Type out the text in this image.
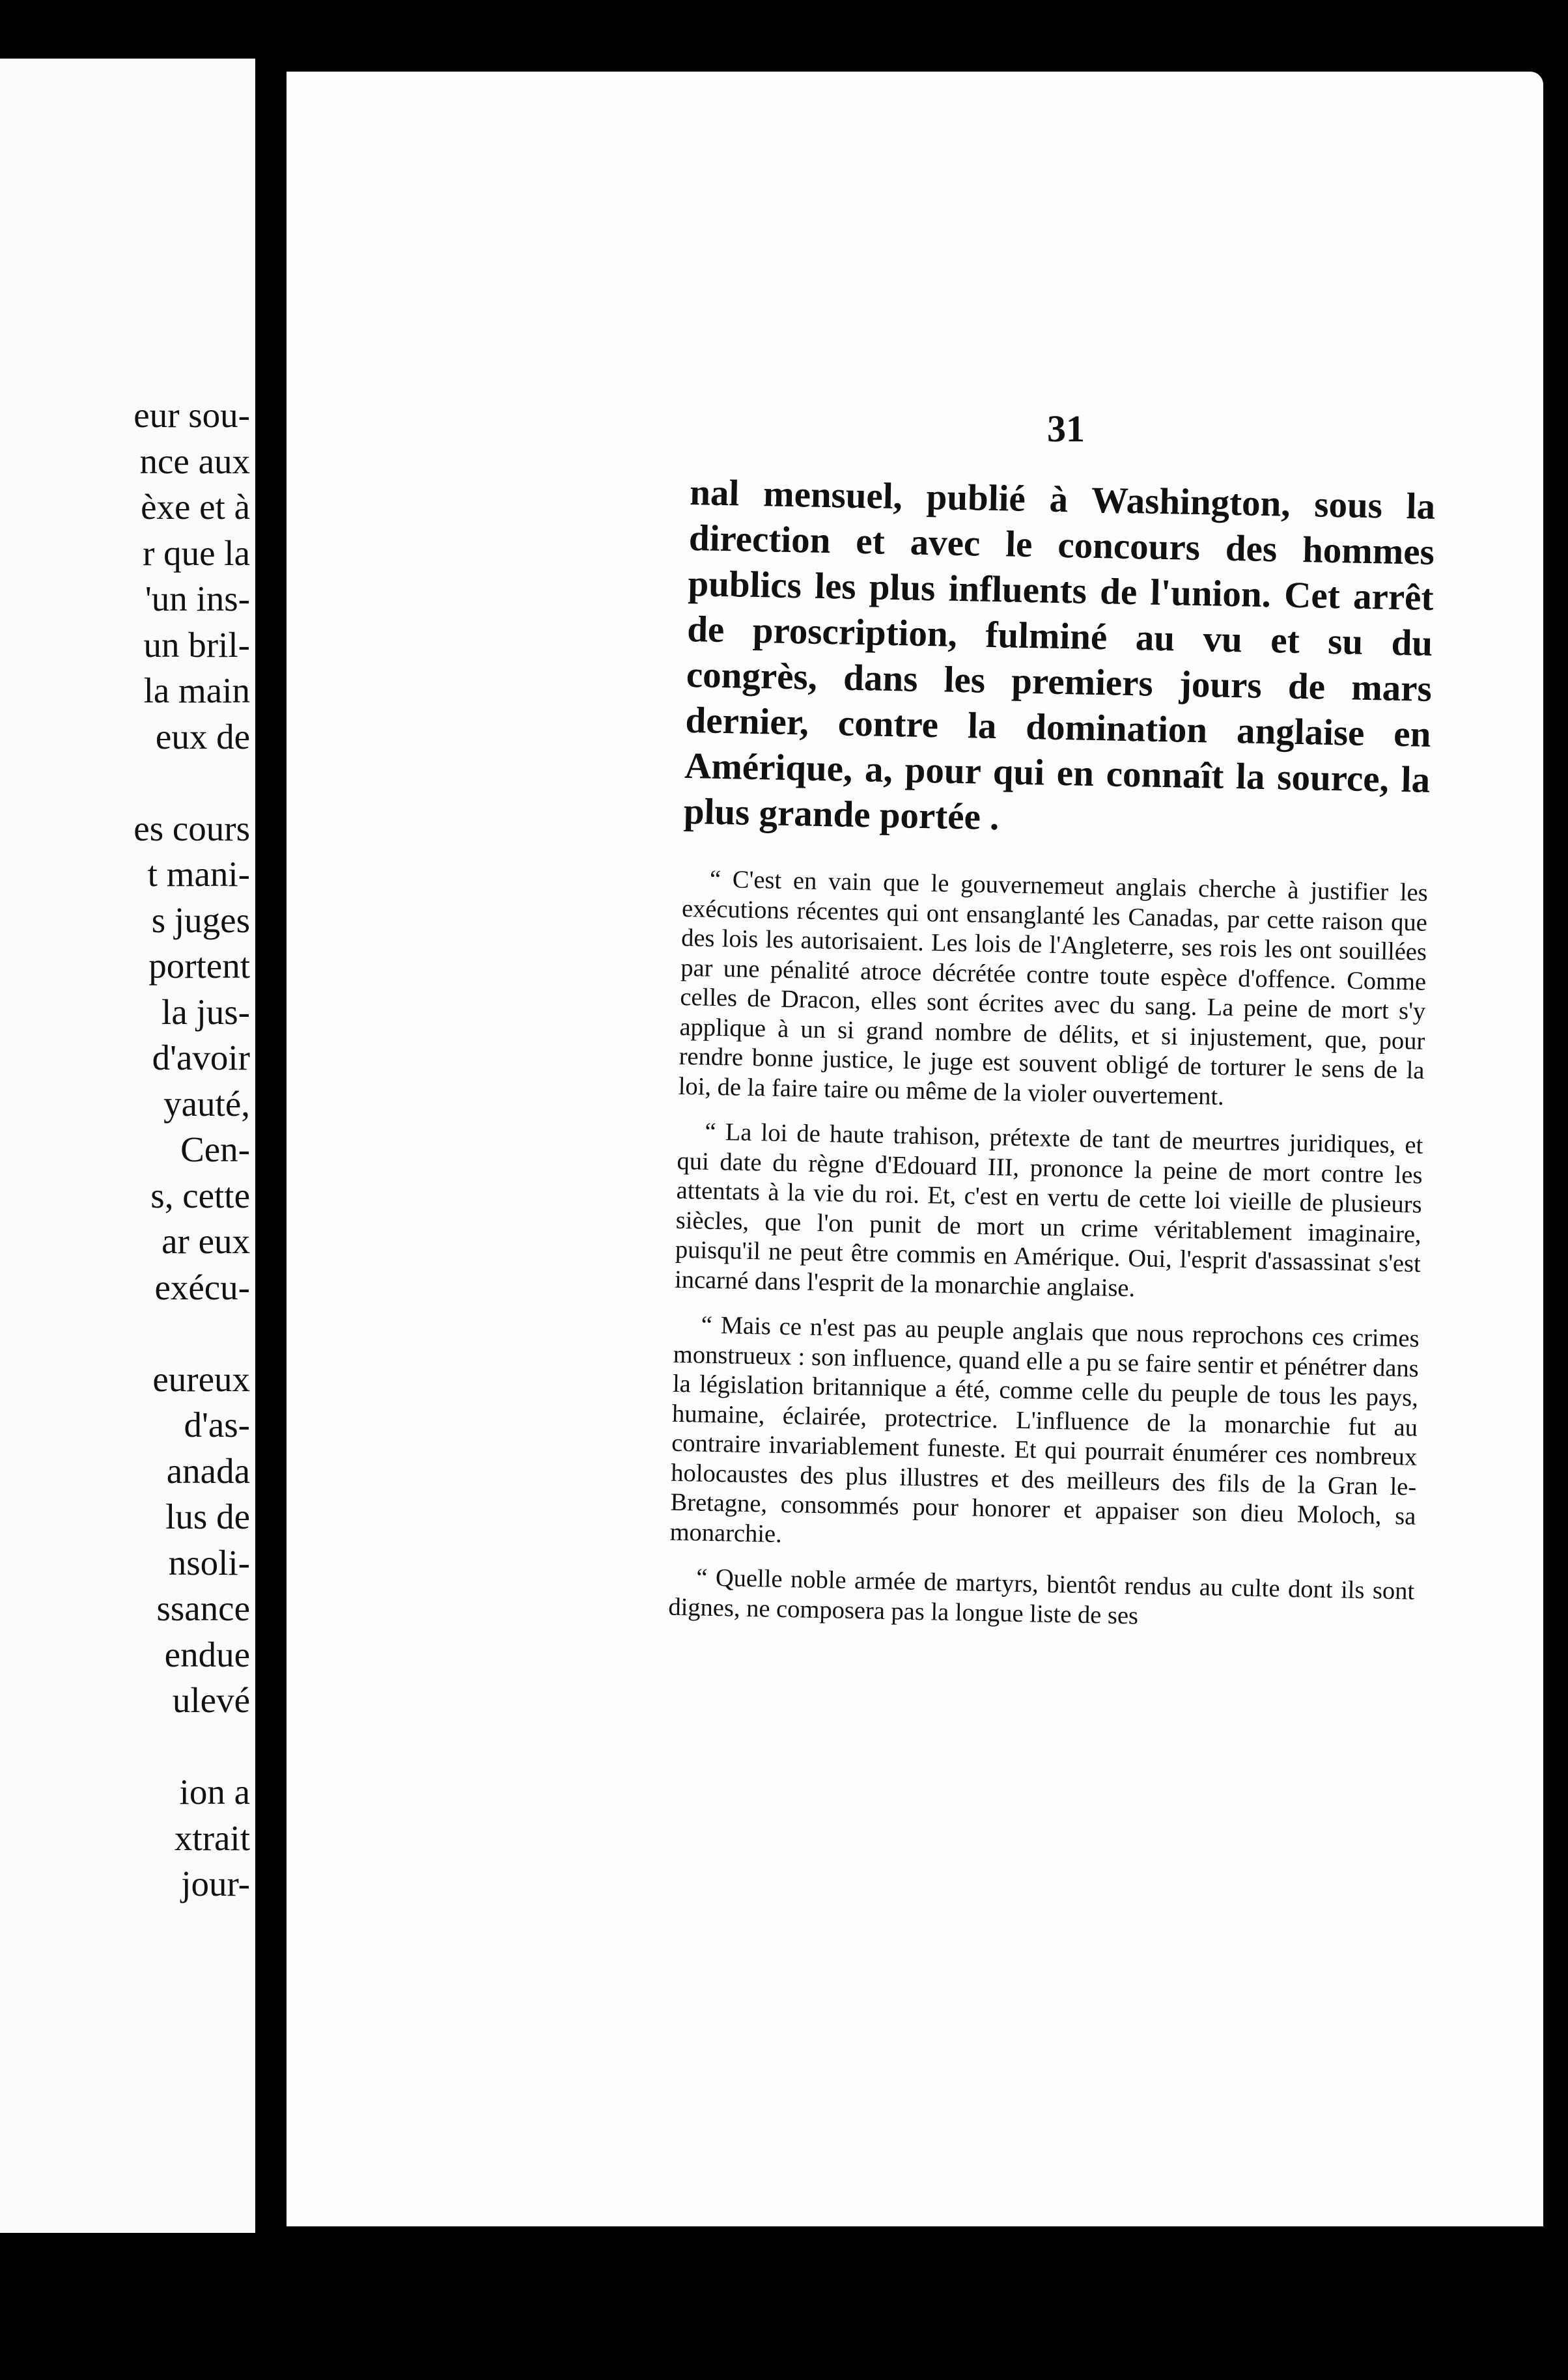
eur sou-
nce aux
èxe et à
r que la
'un ins-
un bril-
la main
eux de
es cours
t mani-
s juges
portent
la jus-
d'avoir
yauté,
Cen-
s, cette
ar eux
exécu-
eureux
d'as-
anada
lus de
nsoli-
ssance
endue
ulevé
ion a
xtrait
jour-
31

nal mensuel, publié à Washington, sous la direction et avec le concours des hommes publics les plus influents de l'union. Cet arrêt de proscription, fulminé au vu et su du congrès, dans les premiers jours de mars dernier, contre la domination anglaise en Amérique, a, pour qui en connaît la source, la plus grande portée .

“ C'est en vain que le gouvernemeut anglais cherche à justifier les exécutions récentes qui ont ensanglanté les Canadas, par cette raison que des lois les autorisaient. Les lois de l'Angleterre, ses rois les ont souillées par une pénalité atroce décrétée contre toute espèce d'offence. Comme celles de Dracon, elles sont écrites avec du sang. La peine de mort s'y applique à un si grand nombre de délits, et si injustement, que, pour rendre bonne justice, le juge est souvent obligé de torturer le sens de la loi, de la faire taire ou même de la violer ouvertement.

“ La loi de haute trahison, prétexte de tant de meurtres juridiques, et qui date du règne d'Edouard III, prononce la peine de mort contre les attentats à la vie du roi. Et, c'est en vertu de cette loi vieille de plusieurs siècles, que l'on punit de mort un crime véritablement imaginaire, puisqu'il ne peut être commis en Amérique. Oui, l'esprit d'assassinat s'est incarné dans l'esprit de la monarchie anglaise.

“ Mais ce n'est pas au peuple anglais que nous reprochons ces crimes monstrueux : son influence, quand elle a pu se faire sentir et pénétrer dans la législation britannique a été, comme celle du peuple de tous les pays, humaine, éclairée, protectrice. L'influence de la monarchie fut au contraire invariablement funeste. Et qui pourrait énumérer ces nombreux holocaustes des plus illustres et des meilleurs des fils de la Gran le-Bretagne, consommés pour honorer et appaiser son dieu Moloch, sa monarchie.

“ Quelle noble armée de martyrs, bientôt rendus au culte dont ils sont dignes, ne composera pas la longue liste de ses
